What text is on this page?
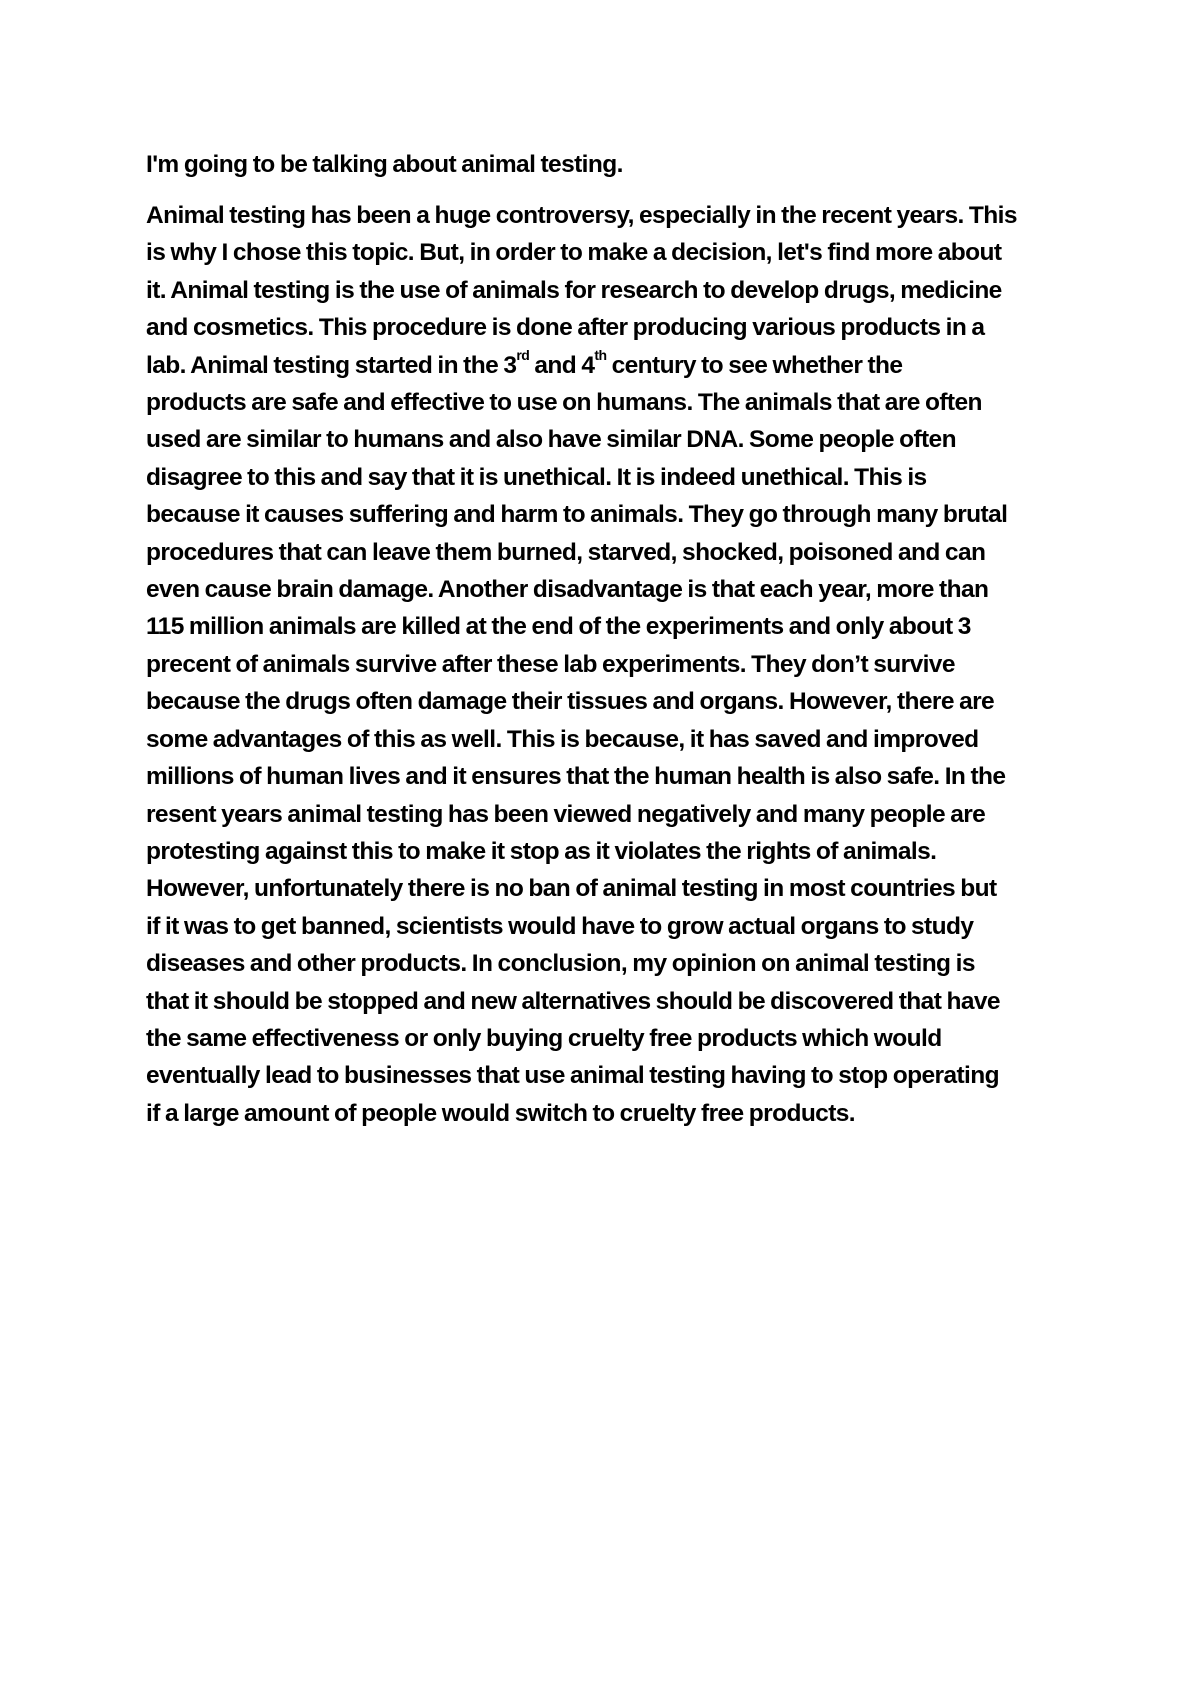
I'm going to be talking about animal testing.

Animal testing has been a huge controversy, especially in the recent years. This
is why I chose this topic. But, in order to make a decision, let's find more about
it. Animal testing is the use of animals for research to develop drugs, medicine
and cosmetics. This procedure is done after producing various products in a
lab. Animal testing started in the 3rd and 4th century to see whether the
products are safe and effective to use on humans. The animals that are often
used are similar to humans and also have similar DNA. Some people often
disagree to this and say that it is unethical. It is indeed unethical. This is
because it causes suffering and harm to animals. They go through many brutal
procedures that can leave them burned, starved, shocked, poisoned and can
even cause brain damage. Another disadvantage is that each year, more than
115 million animals are killed at the end of the experiments and only about 3
precent of animals survive after these lab experiments. They don’t survive
because the drugs often damage their tissues and organs. However, there are
some advantages of this as well. This is because, it has saved and improved
millions of human lives and it ensures that the human health is also safe. In the
resent years animal testing has been viewed negatively and many people are
protesting against this to make it stop as it violates the rights of animals.
However, unfortunately there is no ban of animal testing in most countries but
if it was to get banned, scientists would have to grow actual organs to study
diseases and other products. In conclusion, my opinion on animal testing is
that it should be stopped and new alternatives should be discovered that have
the same effectiveness or only buying cruelty free products which would
eventually lead to businesses that use animal testing having to stop operating
if a large amount of people would switch to cruelty free products.
